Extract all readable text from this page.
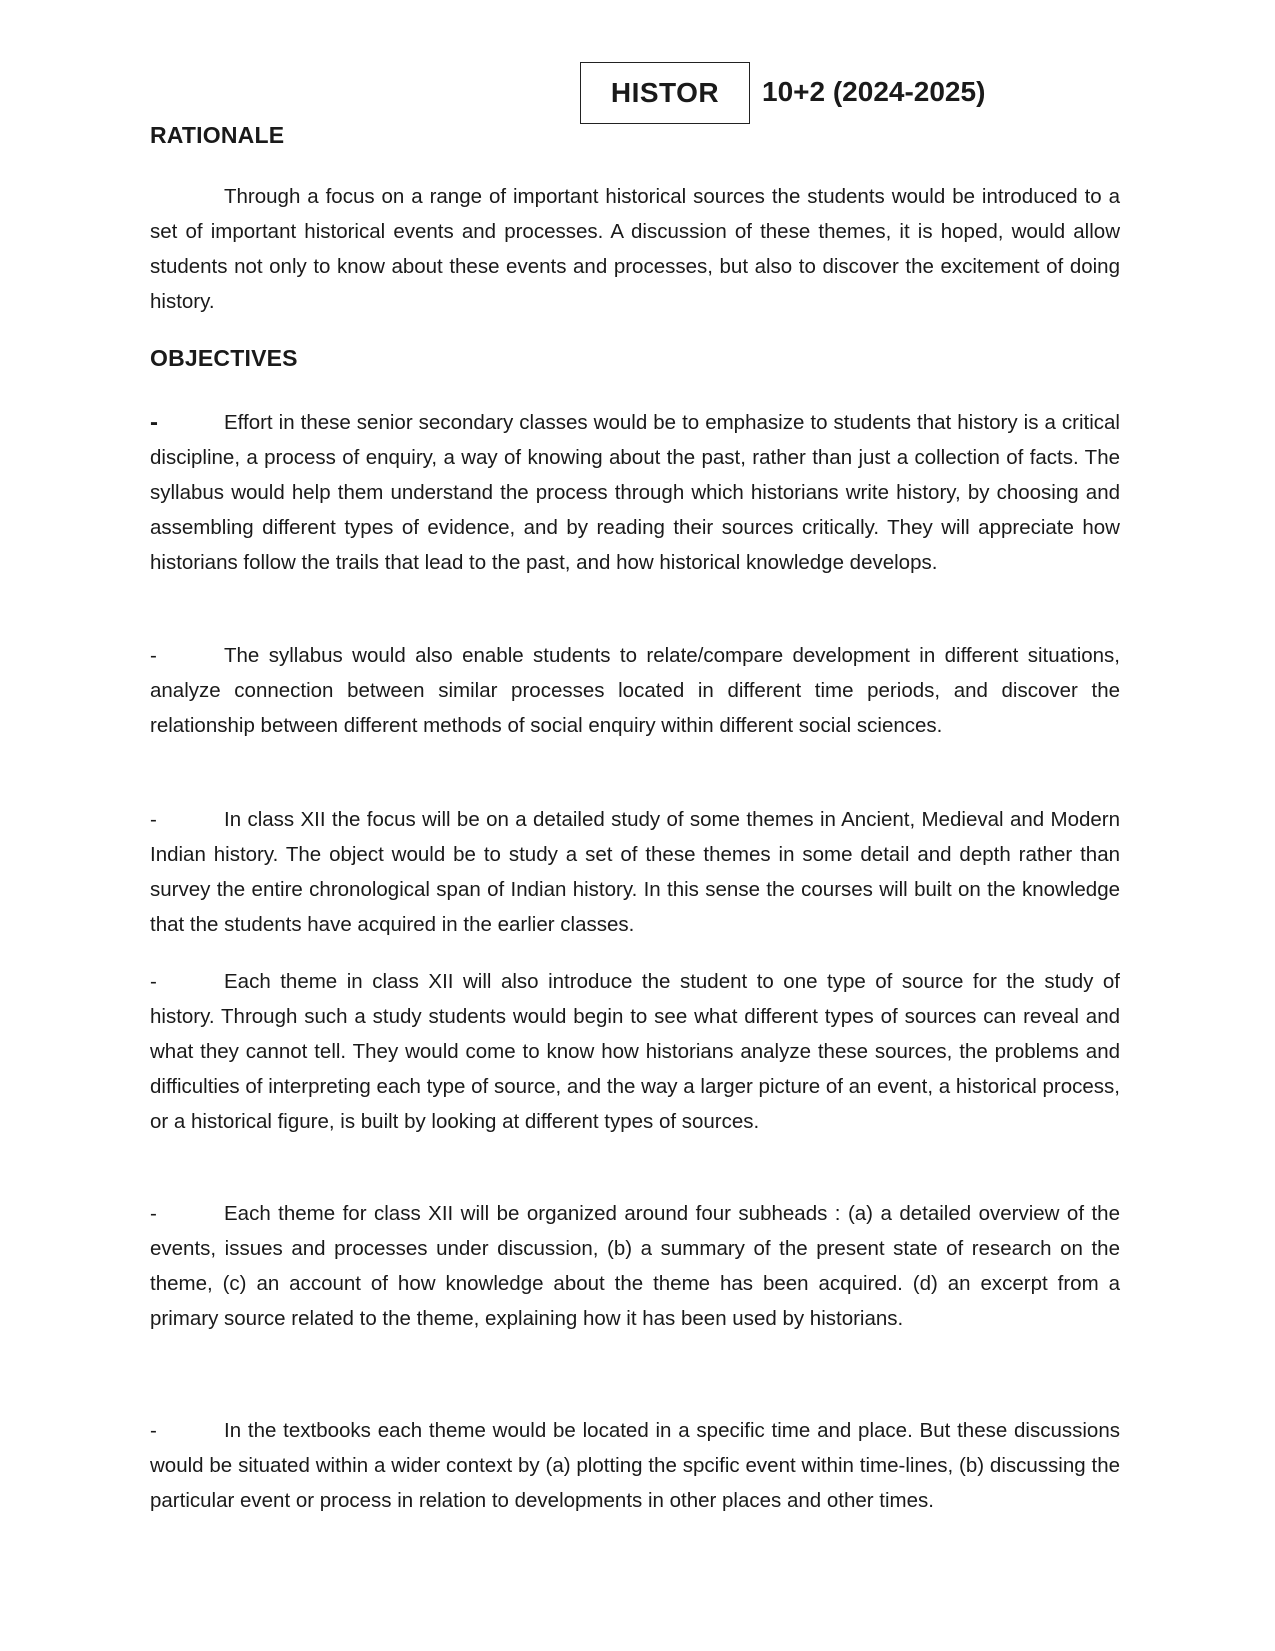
HISTOR 10+2 (2024-2025)
RATIONALE

Through a focus on a range of important historical sources the students would be introduced to a set of important historical events and processes. A discussion of these themes, it is hoped, would allow students not only to know about these events and processes, but also to discover the excitement of doing history.

OBJECTIVES
-	Effort in these senior secondary classes would be to emphasize to students that history is a critical discipline, a process of enquiry, a way of knowing about the past, rather than just a collection of facts. The syllabus would help them understand the process through which historians write history, by choosing and assembling different types of evidence, and by reading their sources critically. They will appreciate how historians follow the trails that lead to the past, and how historical knowledge develops.

-	The syllabus would also enable students to relate/compare development in different situations, analyze connection between similar processes located in different time periods, and discover the relationship between different methods of social enquiry within different social sciences.

-	In class XII the focus will be on a detailed study of some themes in Ancient, Medieval and Modern Indian history. The object would be to study a set of these themes in some detail and depth rather than survey the entire chronological span of Indian history. In this sense the courses will built on the knowledge that the students have acquired in the earlier classes.

-	Each theme in class XII will also introduce the student to one type of source for the study of history. Through such a study students would begin to see what different types of sources can reveal and what they cannot tell. They would come to know how historians analyze these sources, the problems and difficulties of interpreting each type of source, and the way a larger picture of an event, a historical process, or a historical figure, is built by looking at different types of sources.

-	Each theme for class XII will be organized around four subheads : (a) a detailed overview of the events, issues and processes under discussion, (b) a summary of the present state of research on the theme, (c) an account of how knowledge about the theme has been acquired. (d) an excerpt from a primary source related to the theme, explaining how it has been used by historians.

-	In the textbooks each theme would be located in a specific time and place. But these discussions would be situated within a wider context by (a) plotting the spcific event within time-lines, (b) discussing the particular event or process in relation to developments in other places and other times.
